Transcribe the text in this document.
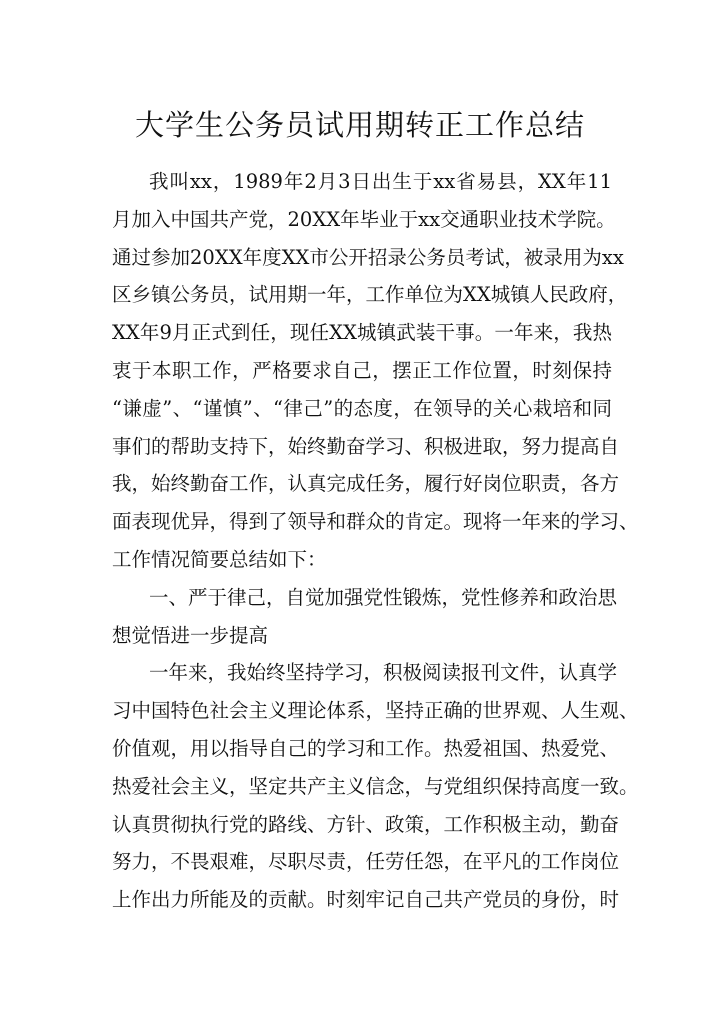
大学生公务员试用期转正工作总结
我叫xx，1989年2月3日出生于xx省易县，XX年11
月加入中国共产党，20XX年毕业于xx交通职业技术学院。
通过参加20XX年度XX市公开招录公务员考试，被录用为xx
区乡镇公务员，试用期一年，工作单位为XX城镇人民政府，
XX年9月正式到任，现任XX城镇武装干事。一年来，我热
衷于本职工作，严格要求自己，摆正工作位置，时刻保持
“谦虚”、“谨慎”、“律己”的态度，在领导的关心栽培和同
事们的帮助支持下，始终勤奋学习、积极进取，努力提高自
我，始终勤奋工作，认真完成任务，履行好岗位职责，各方
面表现优异，得到了领导和群众的肯定。现将一年来的学习、
工作情况简要总结如下：
一、严于律己，自觉加强党性锻炼，党性修养和政治思
想觉悟进一步提高
一年来，我始终坚持学习，积极阅读报刊文件，认真学
习中国特色社会主义理论体系，坚持正确的世界观、人生观、
价值观，用以指导自己的学习和工作。热爱祖国、热爱党、
热爱社会主义，坚定共产主义信念，与党组织保持高度一致。
认真贯彻执行党的路线、方针、政策，工作积极主动，勤奋
努力，不畏艰难，尽职尽责，任劳任怨，在平凡的工作岗位
上作出力所能及的贡献。时刻牢记自己共产党员的身份，时
